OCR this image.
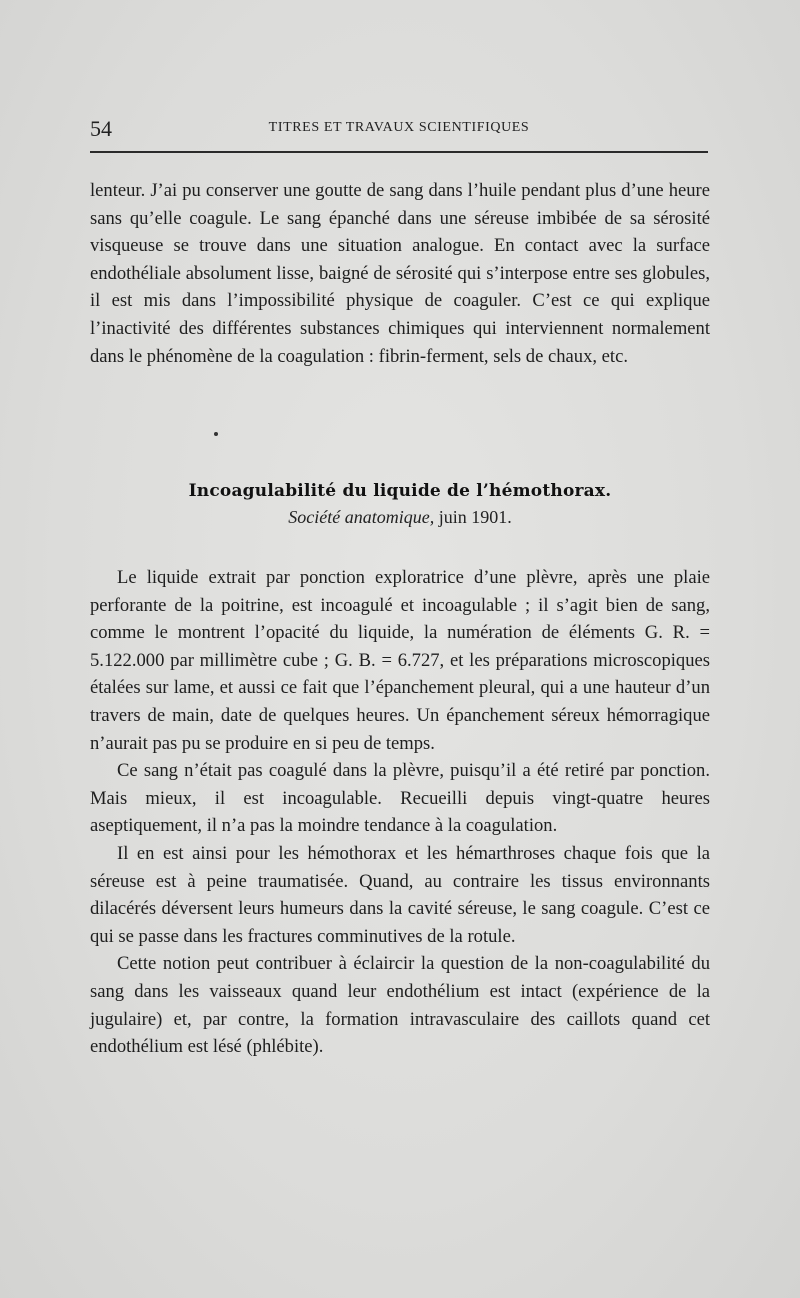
54	TITRES ET TRAVAUX SCIENTIFIQUES

lenteur. J’ai pu conserver une goutte de sang dans l’huile pendant plus d’une heure sans qu’elle coagule. Le sang épanché dans une séreuse imbibée de sa sérosité visqueuse se trouve dans une situation analogue. En contact avec la surface endothéliale absolument lisse, baigné de sérosité qui s’interpose entre ses globules, il est mis dans l’impossibilité physique de coaguler. C’est ce qui explique l’inactivité des différentes substances chimiques qui interviennent normalement dans le phénomène de la coagulation : fibrin-ferment, sels de chaux, etc.

Incoagulabilité du liquide de l’hémothorax.
Société anatomique, juin 1901.

Le liquide extrait par ponction exploratrice d’une plèvre, après une plaie perforante de la poitrine, est incoagulé et incoagulable ; il s’agit bien de sang, comme le montrent l’opacité du liquide, la numération de éléments G. R. = 5.122.000 par millimètre cube ; G. B. = 6.727, et les préparations microscopiques étalées sur lame, et aussi ce fait que l’épanchement pleural, qui a une hauteur d’un travers de main, date de quelques heures. Un épanchement séreux hémorragique n’aurait pas pu se produire en si peu de temps.

Ce sang n’était pas coagulé dans la plèvre, puisqu’il a été retiré par ponction. Mais mieux, il est incoagulable. Recueilli depuis vingt-quatre heures aseptiquement, il n’a pas la moindre tendance à la coagulation.

Il en est ainsi pour les hémothorax et les hémarthroses chaque fois que la séreuse est à peine traumatisée. Quand, au contraire les tissus environnants dilacérés déversent leurs humeurs dans la cavité séreuse, le sang coagule. C’est ce qui se passe dans les fractures comminutives de la rotule.

Cette notion peut contribuer à éclaircir la question de la non-coagulabilité du sang dans les vaisseaux quand leur endothélium est intact (expérience de la jugulaire) et, par contre, la formation intravasculaire des caillots quand cet endothélium est lésé (phlébite).
